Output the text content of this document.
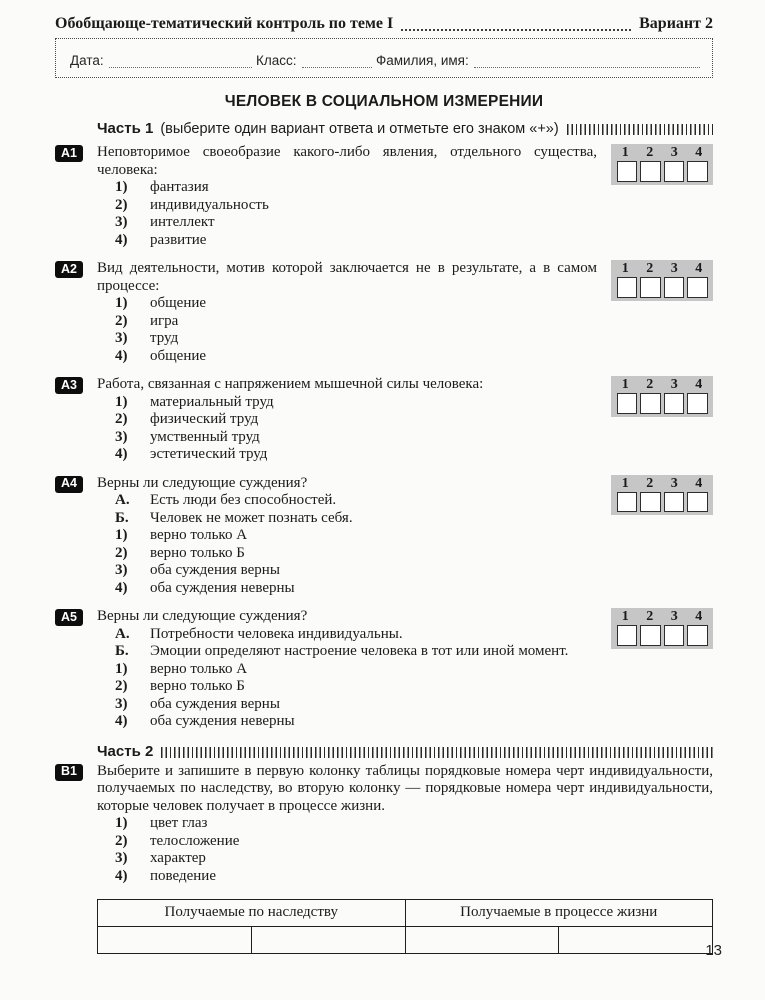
Обобщающе-тематический контроль по теме I	Вариант 2
Дата:	Класс:	Фамилия, имя:
ЧЕЛОВЕК В СОЦИАЛЬНОМ ИЗМЕРЕНИИ
Часть 1 (выберите один вариант ответа и отметьте его знаком «+»)
А1	1	2	3	4

Неповторимое своеобразие какого-либо явления, отдельного существа, человека:

1)	фантазия
2)	индивидуальность
3)	интеллект
4)	развитие
А2	1	2	3	4

Вид деятельности, мотив которой заключается не в результате, а в самом процессе:

1)	общение
2)	игра
3)	труд
4)	общение
А3	1	2	3	4

Работа, связанная с напряжением мышечной силы человека:

1)	материальный труд
2)	физический труд
3)	умственный труд
4)	эстетический труд
А4	1	2	3	4

Верны ли следующие суждения?

А.	Есть люди без способностей.
Б.	Человек не может познать себя.
1)	верно только А
2)	верно только Б
3)	оба суждения верны
4)	оба суждения неверны
А5	1	2	3	4

Верны ли следующие суждения?

А.	Потребности человека индивидуальны.
Б.	Эмоции определяют настроение человека в тот или иной момент.
1)	верно только А
2)	верно только Б
3)	оба суждения верны
4)	оба суждения неверны
Часть 2
В1	Выберите и запишите в первую колонку таблицы порядковые номера черт индивидуальности, получаемых по наследству, во вторую колонку — порядковые номера черт индивидуальности, которые человек получает в процессе жизни.

1)	цвет глаз
2)	телосложение
3)	характер
4)	поведение
Получаемые по наследству		Получаемые в процессе жизни	

13
